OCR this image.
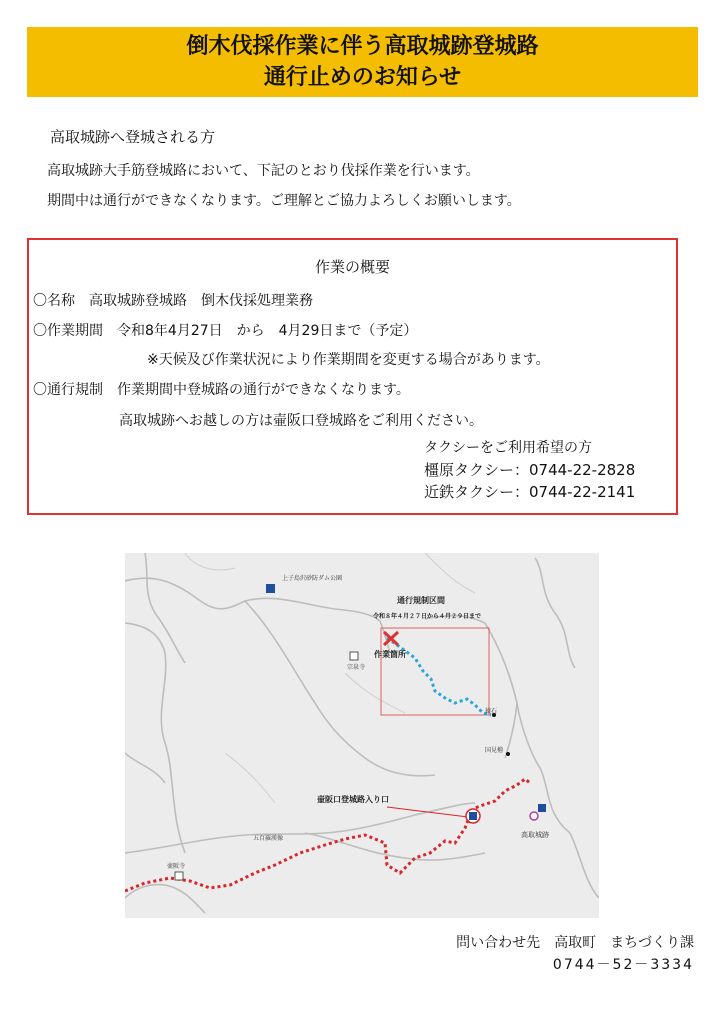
倒木伐採作業に伴う高取城跡登城路
通行止めのお知らせ
高取城跡へ登城される方

高取城跡大手筋登城路において、下記のとおり伐採作業を行います。

期間中は通行ができなくなります。ご理解とご協力よろしくお願いします。

作業の概要
〇名称　高取城跡登城路　倒木伐採処理業務
〇作業期間　令和8年4月27日　から　4月29日まで（予定）
※天候及び作業状況により作業期間を変更する場合があります。
〇通行規制　作業期間中登城路の通行ができなくなります。
高取城跡へお越しの方は壷阪口登城路をご利用ください。
タクシーをご利用希望の方
橿原タクシー：0744-22-2828
近鉄タクシー：0744-22-2141
上子島沢砂防ダム公園
通行規制区間
令和８年４月２７日から４月２９日まで
作業箇所
宗泉寺
猿石
国見櫓
壷阪口登城路入り口
高取城跡
五百羅漢像
壷阪寺
問い合わせ先　高取町　まちづくり課
0744－52－3334
